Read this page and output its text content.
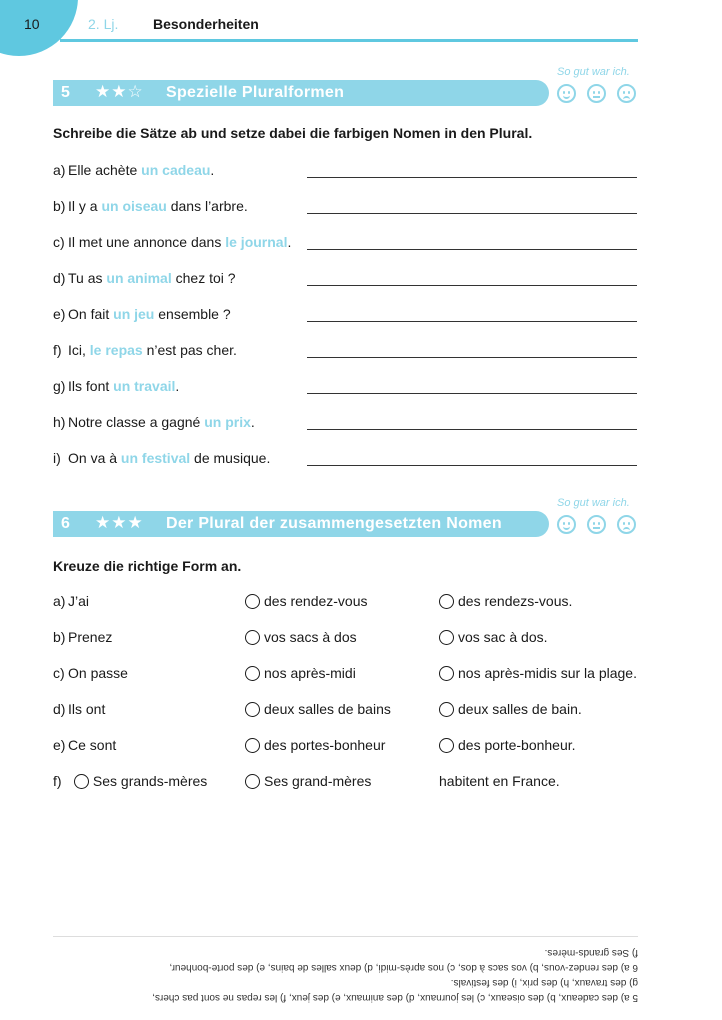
10	2. Lj. Besonderheiten
5 ★★☆ Spezielle Pluralformen
So gut war ich.
Schreibe die Sätze ab und setze dabei die farbigen Nomen in den Plural.
a) Elle achète un cadeau.
b) Il y a un oiseau dans l’arbre.
c) Il met une annonce dans le journal.
d) Tu as un animal chez toi ?
e) On fait un jeu ensemble ?
f) Ici, le repas n’est pas cher.
g) Ils font un travail.
h) Notre classe a gagné un prix.
i) On va à un festival de musique.
6 ★★★ Der Plural der zusammengesetzten Nomen
So gut war ich.
Kreuze die richtige Form an.
a) J’ai	des rendez-vous	des rendezs-vous.
b) Prenez	vos sacs à dos	vos sac à dos.
c) On passe	nos après-midi	nos après-midis sur la plage.
d) Ils ont	deux salles de bains	deux salles de bain.
e) Ce sont	des portes-bonheur	des porte-bonheur.
f) Ses grands-mères	Ses grand-mères	habitent en France.
5 a) des cadeaux, b) des oiseaux, c) les journaux, d) des animaux, e) des jeux, f) les repas ne sont pas chers,
g) des travaux, h) des prix, i) des festivals.
6 a) des rendez-vous, b) vos sacs à dos, c) nos après-midi, d) deux salles de bains, e) des porte-bonheur,
f) Ses grands-mères.
